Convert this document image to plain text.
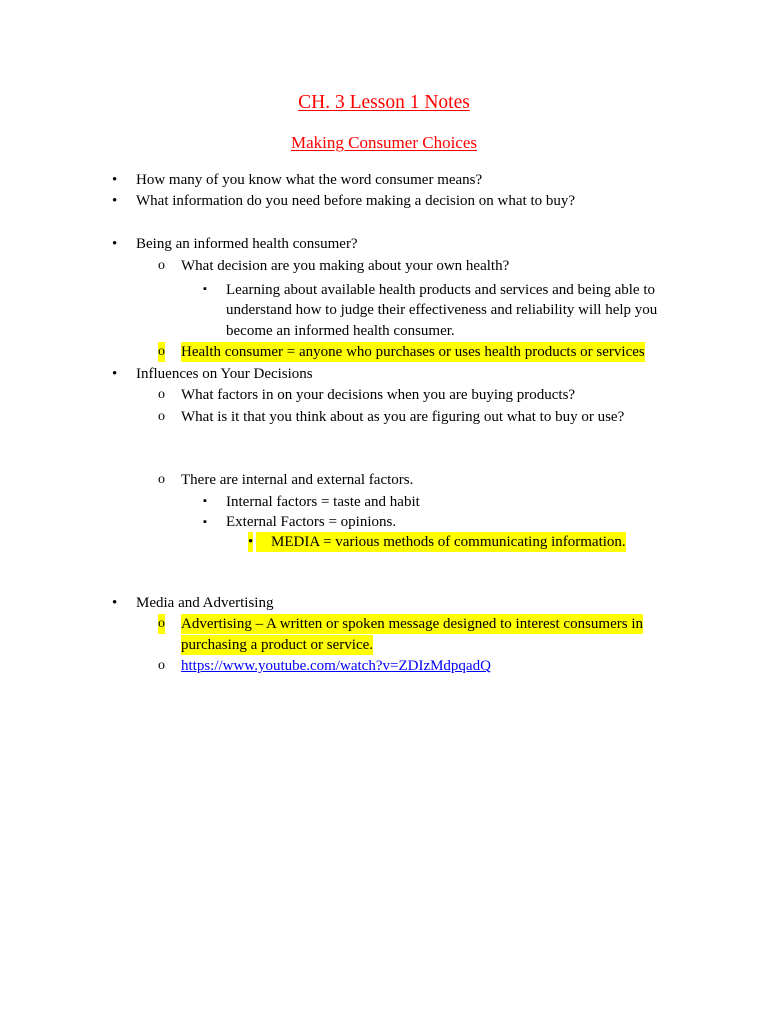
CH. 3 Lesson 1 Notes
Making Consumer Choices
• How many of you know what the word consumer means?
• What information do you need before making a decision on what to buy?
• Being an informed health consumer?
o What decision are you making about your own health?
▪ Learning about available health products and services and being able to
understand how to judge their effectiveness and reliability will help you
become an informed health consumer.
o Health consumer = anyone who purchases or uses health products or services
• Influences on Your Decisions
o What factors in on your decisions when you are buying products?
o What is it that you think about as you are figuring out what to buy or use?
o There are internal and external factors.
▪ Internal factors = taste and habit
▪ External Factors = opinions.
•	MEDIA = various methods of communicating information.
• Media and Advertising
o Advertising – A written or spoken message designed to interest consumers in
purchasing a product or service.
o https://www.youtube.com/watch?v=ZDIzMdpqadQ
